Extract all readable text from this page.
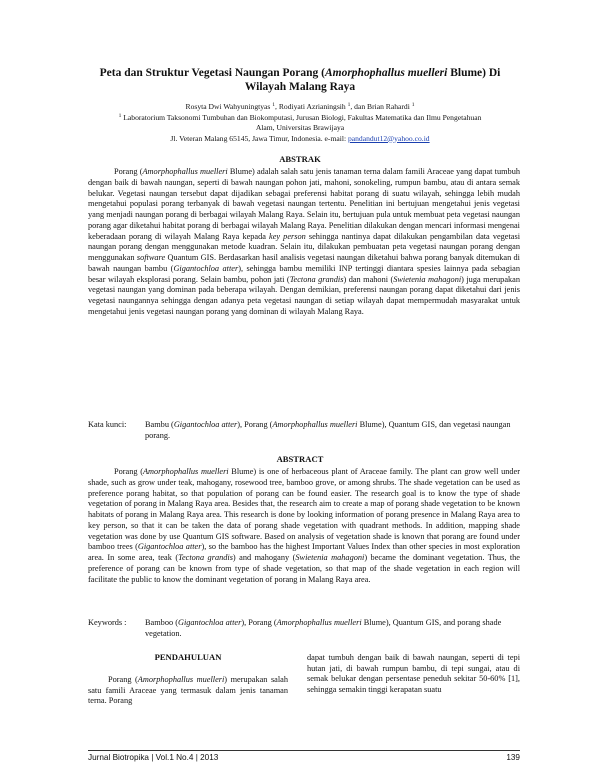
Peta dan Struktur Vegetasi Naungan Porang (Amorphophallus muelleri Blume) Di
Wilayah Malang Raya
Rosyta Dwi Wahyuningtyas $^1$, Rodiyati Azrianingsih $^1$, dan Brian Rahardi $^1$
$^1$ Laboratorium Taksonomi Tumbuhan dan Biokomputasi, Jurusan Biologi, Fakultas Matematika dan Ilmu Pengetahuan
Alam, Universitas Brawijaya
Jl. Veteran Malang 65145, Jawa Timur, Indonesia. e-mail: pandandut12@yahoo.co.id
ABSTRAK

Porang (Amorphophallus muelleri Blume) adalah salah satu jenis tanaman terna dalam famili Araceae yang dapat tumbuh dengan baik di bawah naungan, seperti di bawah naungan pohon jati, mahoni, sonokeling, rumpun bambu, atau di antara semak belukar. Vegetasi naungan tersebut dapat dijadikan sebagai preferensi habitat porang di suatu wilayah, sehingga lebih mudah mengetahui populasi porang terbanyak di bawah vegetasi naungan tertentu. Penelitian ini bertujuan mengetahui jenis vegetasi yang menjadi naungan porang di berbagai wilayah Malang Raya. Selain itu, bertujuan pula untuk membuat peta vegetasi naungan porang agar diketahui habitat porang di berbagai wilayah Malang Raya. Penelitian dilakukan dengan mencari informasi mengenai keberadaan porang di wilayah Malang Raya kepada key person sehingga nantinya dapat dilakukan pengambilan data vegetasi naungan porang dengan menggunakan metode kuadran. Selain itu, dilakukan pembuatan peta vegetasi naungan porang dengan menggunakan software Quantum GIS. Berdasarkan hasil analisis vegetasi naungan diketahui bahwa porang banyak ditemukan di bawah naungan bambu (Gigantochloa atter), sehingga bambu memiliki INP tertinggi diantara spesies lainnya pada sebagian besar wilayah eksplorasi porang. Selain bambu, pohon jati (Tectona grandis) dan mahoni (Swietenia mahagoni) juga merupakan vegetasi naungan yang dominan pada beberapa wilayah. Dengan demikian, preferensi naungan porang dapat diketahui dari jenis vegetasi naungannya sehingga dengan adanya peta vegetasi naungan di setiap wilayah dapat mempermudah masyarakat untuk mengetahui jenis vegetasi naungan porang yang dominan di wilayah Malang Raya.

Kata kunci: Bambu (Gigantochloa atter), Porang (Amorphophallus muelleri Blume), Quantum GIS, dan vegetasi naungan porang.
ABSTRACT

Porang (Amorphophallus muelleri Blume) is one of herbaceous plant of Araceae family. The plant can grow well under shade, such as grow under teak, mahogany, rosewood tree, bamboo grove, or among shrubs. The shade vegetation can be used as preference porang habitat, so that population of porang can be found easier. The research goal is to know the type of shade vegetation of porang in Malang Raya area. Besides that, the research aim to create a map of porang shade vegetation to be known habitats of porang in Malang Raya area. This research is done by looking information of porang presence in Malang Raya area to key person, so that it can be taken the data of porang shade vegetation with quadrant methods. In addition, mapping shade vegetation was done by use Quantum GIS software. Based on analysis of vegetation shade is known that porang are found under bamboo trees (Gigantochloa atter), so the bamboo has the highest Important Values Index than other species in most exploration area. In some area, teak (Tectona grandis) and mahogany (Swietenia mahagoni) became the dominant vegetation. Thus, the preference of porang can be known from type of shade vegetation, so that map of the shade vegetation in each region will facilitate the public to know the dominant vegetation of porang in Malang Raya area.

Keywords : Bamboo (Gigantochloa atter), Porang (Amorphophallus muelleri Blume), Quantum GIS, and porang shade vegetation.
PENDAHULUAN
Porang (Amorphophallus muelleri) merupakan salah satu famili Araceae yang termasuk dalam jenis tanaman terna. Porang
dapat tumbuh dengan baik di bawah naungan, seperti di tepi hutan jati, di bawah rumpun bambu, di tepi sungai, atau di semak belukar dengan persentase peneduh sekitar 50-60% [1], sehingga semakin tinggi kerapatan suatu
Jurnal Biotropika | Vol.1 No.4 | 2013	139
